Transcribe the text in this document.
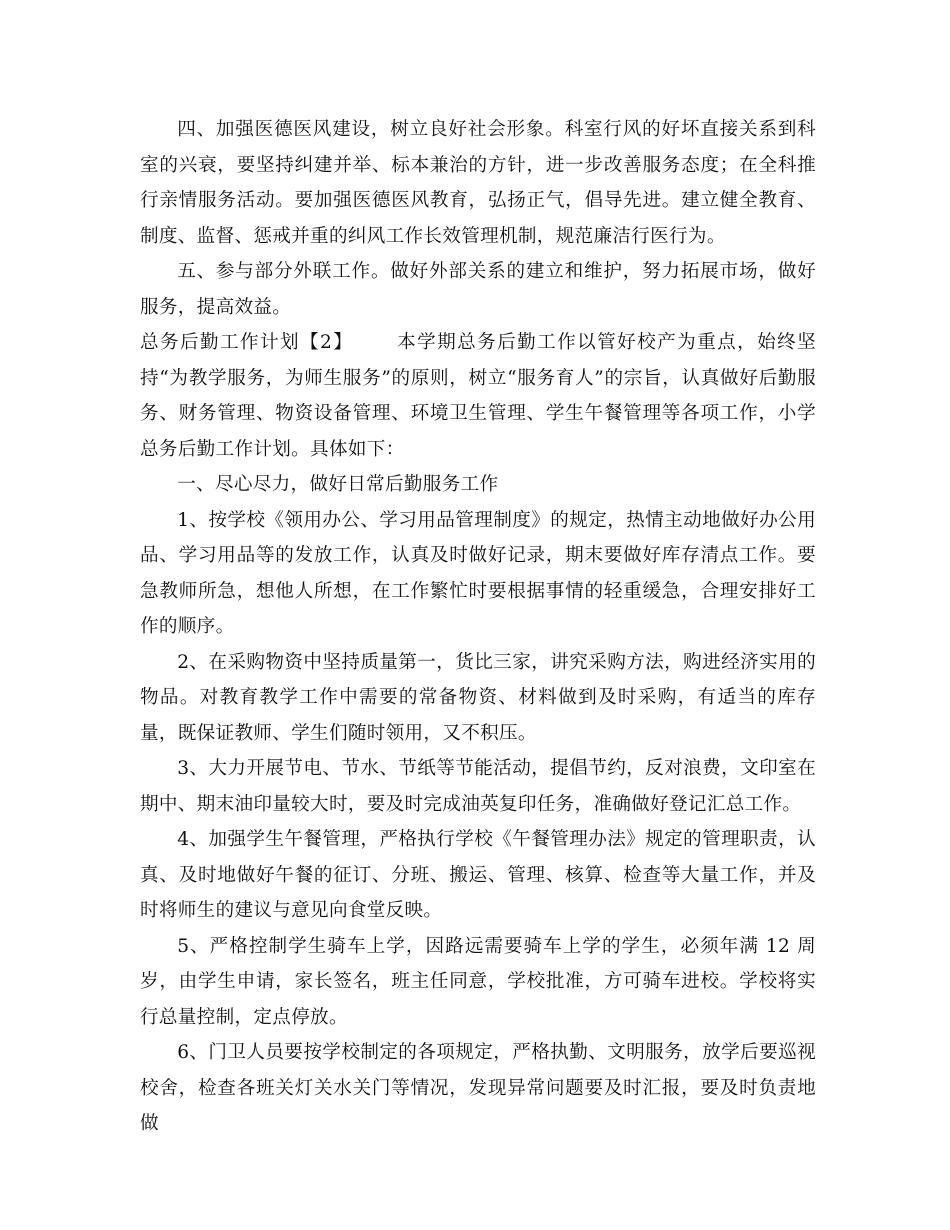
四、加强医德医风建设，树立良好社会形象。科室行风的好坏直接关系到科室的兴衰，要坚持纠建并举、标本兼治的方针，进一步改善服务态度；在全科推行亲情服务活动。要加强医德医风教育，弘扬正气，倡导先进。建立健全教育、制度、监督、惩戒并重的纠风工作长效管理机制，规范廉洁行医行为。

五、参与部分外联工作。做好外部关系的建立和维护，努力拓展市场，做好服务，提高效益。

总务后勤工作计划【2】      本学期总务后勤工作以管好校产为重点，始终坚持“为教学服务，为师生服务”的原则，树立“服务育人”的宗旨，认真做好后勤服务、财务管理、物资设备管理、环境卫生管理、学生午餐管理等各项工作，小学总务后勤工作计划。具体如下：

一、尽心尽力，做好日常后勤服务工作

1、按学校《领用办公、学习用品管理制度》的规定，热情主动地做好办公用品、学习用品等的发放工作，认真及时做好记录，期末要做好库存清点工作。要急教师所急，想他人所想，在工作繁忙时要根据事情的轻重缓急，合理安排好工作的顺序。

2、在采购物资中坚持质量第一，货比三家，讲究采购方法，购进经济实用的物品。对教育教学工作中需要的常备物资、材料做到及时采购，有适当的库存量，既保证教师、学生们随时领用，又不积压。

3、大力开展节电、节水、节纸等节能活动，提倡节约，反对浪费，文印室在期中、期末油印量较大时，要及时完成油英复印任务，准确做好登记汇总工作。

4、加强学生午餐管理，严格执行学校《午餐管理办法》规定的管理职责，认真、及时地做好午餐的征订、分班、搬运、管理、核算、检查等大量工作，并及时将师生的建议与意见向食堂反映。

5、严格控制学生骑车上学，因路远需要骑车上学的学生，必须年满 12 周岁，由学生申请，家长签名，班主任同意，学校批准，方可骑车进校。学校将实行总量控制，定点停放。

6、门卫人员要按学校制定的各项规定，严格执勤、文明服务，放学后要巡视校舍，检查各班关灯关水关门等情况，发现异常问题要及时汇报，要及时负责地做
